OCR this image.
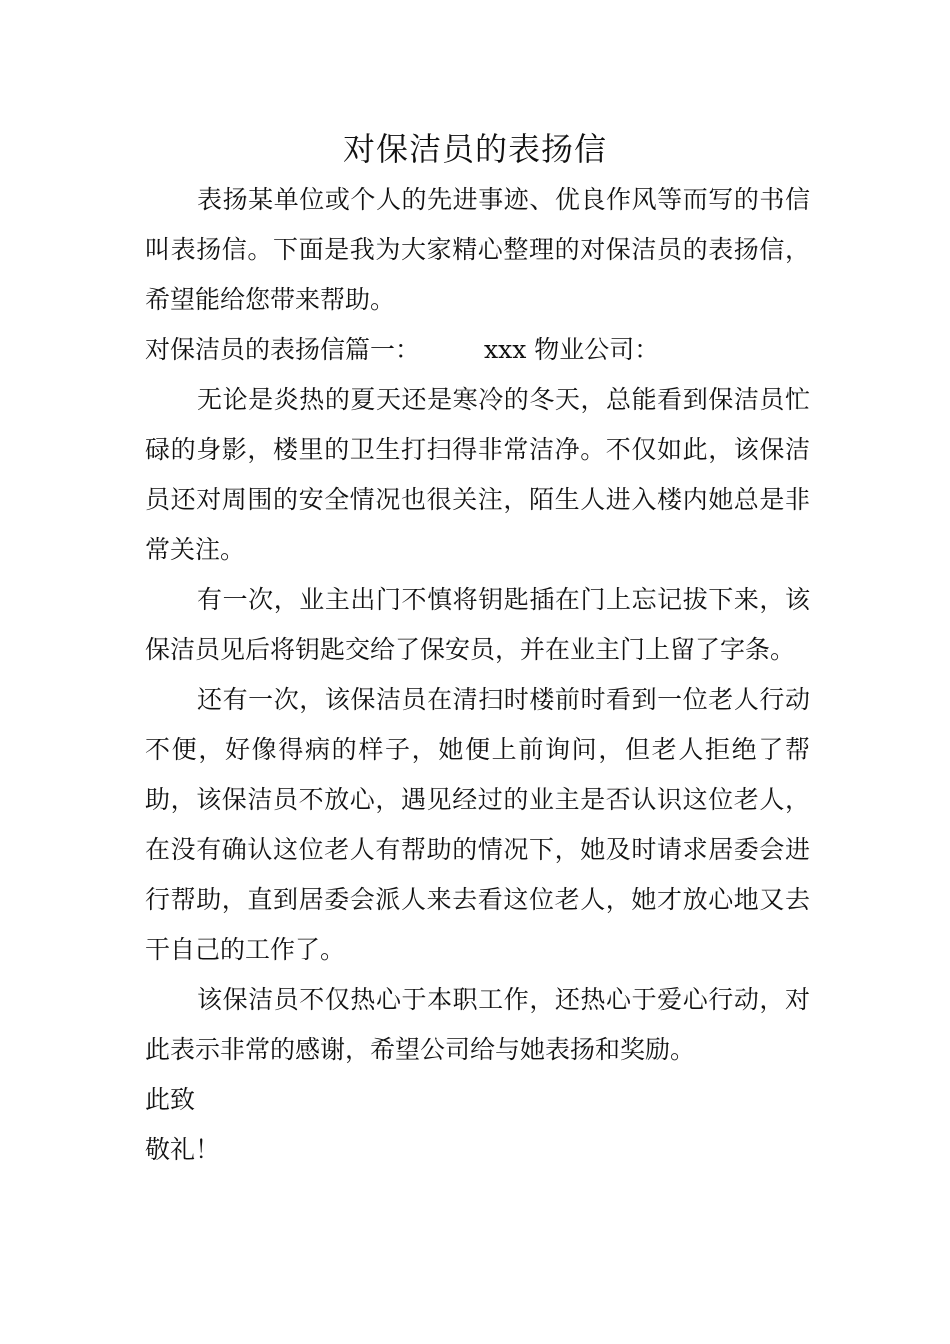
对保洁员的表扬信

表扬某单位或个人的先进事迹、优良作风等而写的书信叫表扬信。下面是我为大家精心整理的对保洁员的表扬信，希望能给您带来帮助。

对保洁员的表扬信篇一：	xxx 物业公司：

无论是炎热的夏天还是寒冷的冬天，总能看到保洁员忙碌的身影，楼里的卫生打扫得非常洁净。不仅如此，该保洁员还对周围的安全情况也很关注，陌生人进入楼内她总是非常关注。

有一次，业主出门不慎将钥匙插在门上忘记拔下来，该保洁员见后将钥匙交给了保安员，并在业主门上留了字条。

还有一次，该保洁员在清扫时楼前时看到一位老人行动不便，好像得病的样子，她便上前询问，但老人拒绝了帮助，该保洁员不放心，遇见经过的业主是否认识这位老人，在没有确认这位老人有帮助的情况下，她及时请求居委会进行帮助，直到居委会派人来去看这位老人，她才放心地又去干自己的工作了。

该保洁员不仅热心于本职工作，还热心于爱心行动，对此表示非常的感谢，希望公司给与她表扬和奖励。

此致

敬礼！
